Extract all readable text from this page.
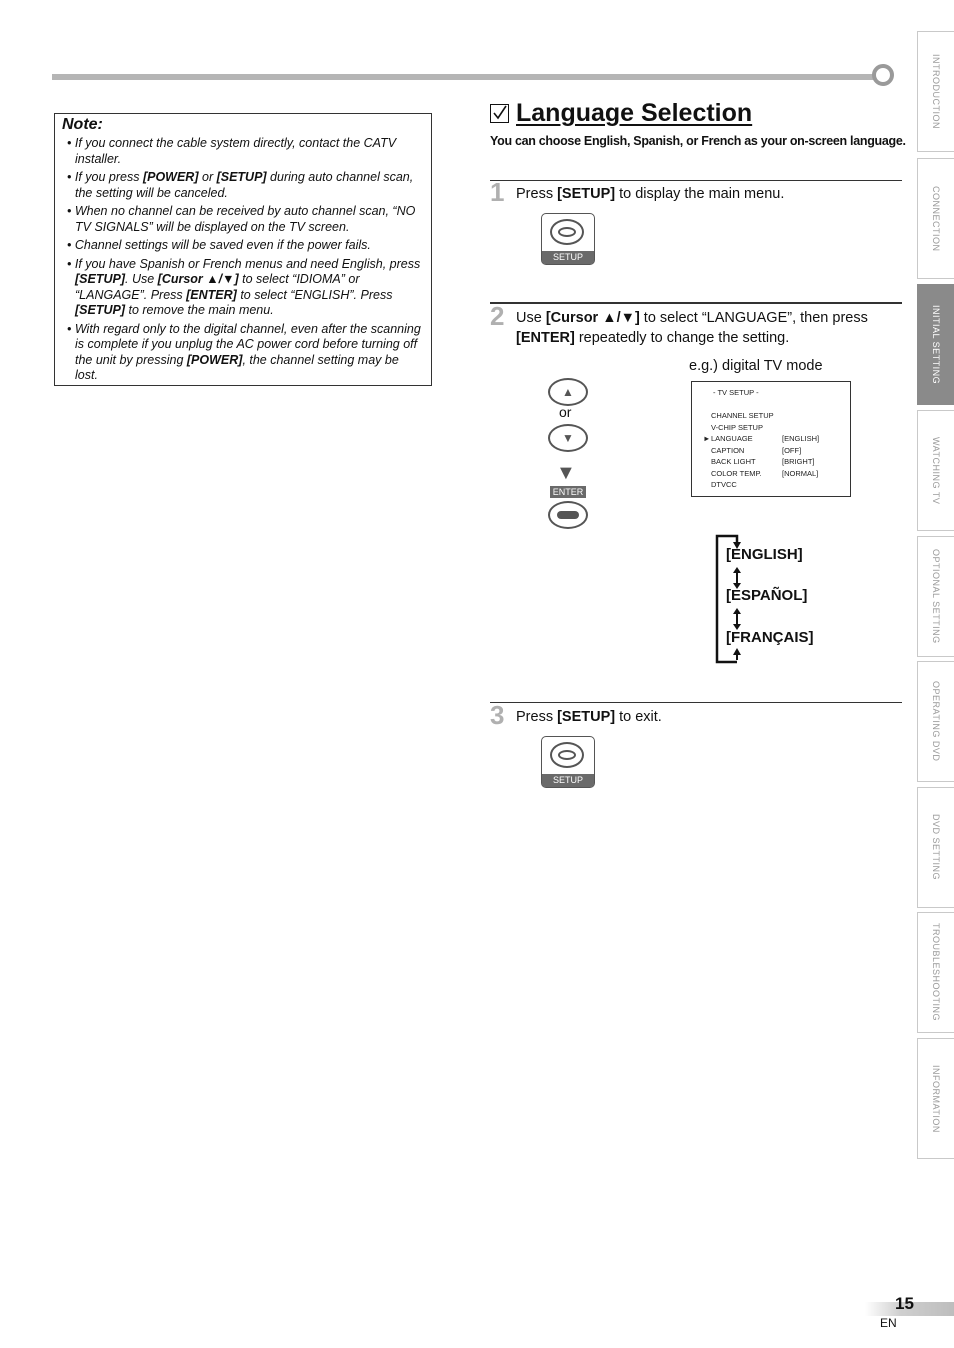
INTRODUCTION
CONNECTION
INITIAL SETTING
WATCHING TV
OPTIONAL SETTING
OPERATING DVD
DVD SETTING
TROUBLESHOOTING
INFORMATION
Note:
• If you connect the cable system directly, contact the CATV installer.
• If you press [POWER] or [SETUP] during auto channel scan, the setting will be canceled.
• When no channel can be received by auto channel scan, “NO TV SIGNALS” will be displayed on the TV screen.
• Channel settings will be saved even if the power fails.
• If you have Spanish or French menus and need English, press [SETUP]. Use [Cursor ▲/▼] to select “IDIOMA” or “LANGAGE”. Press [ENTER] to select “ENGLISH”. Press [SETUP] to remove the main menu.
• With regard only to the digital channel, even after the scanning is complete if you unplug the AC power cord before turning off the unit by pressing [POWER], the channel setting may be lost.
Language Selection
You can choose English, Spanish, or French as your on-screen language.
1 Press [SETUP] to display the main menu.
SETUP
2 Use [Cursor ▲/▼] to select “LANGUAGE”, then press
[ENTER] repeatedly to change the setting.
▲
or
▼
▼
ENTER
e.g.) digital TV mode
- TV SETUP -
CHANNEL SETUP
V-CHIP SETUP
► LANGUAGE	[ENGLISH]
CAPTION	[OFF]
BACK LIGHT	[BRIGHT]
COLOR TEMP.	[NORMAL]
DTVCC
[ENGLISH]
[ESPAÑOL]
[FRANÇAIS]
3 Press [SETUP] to exit.
SETUP
15
EN
